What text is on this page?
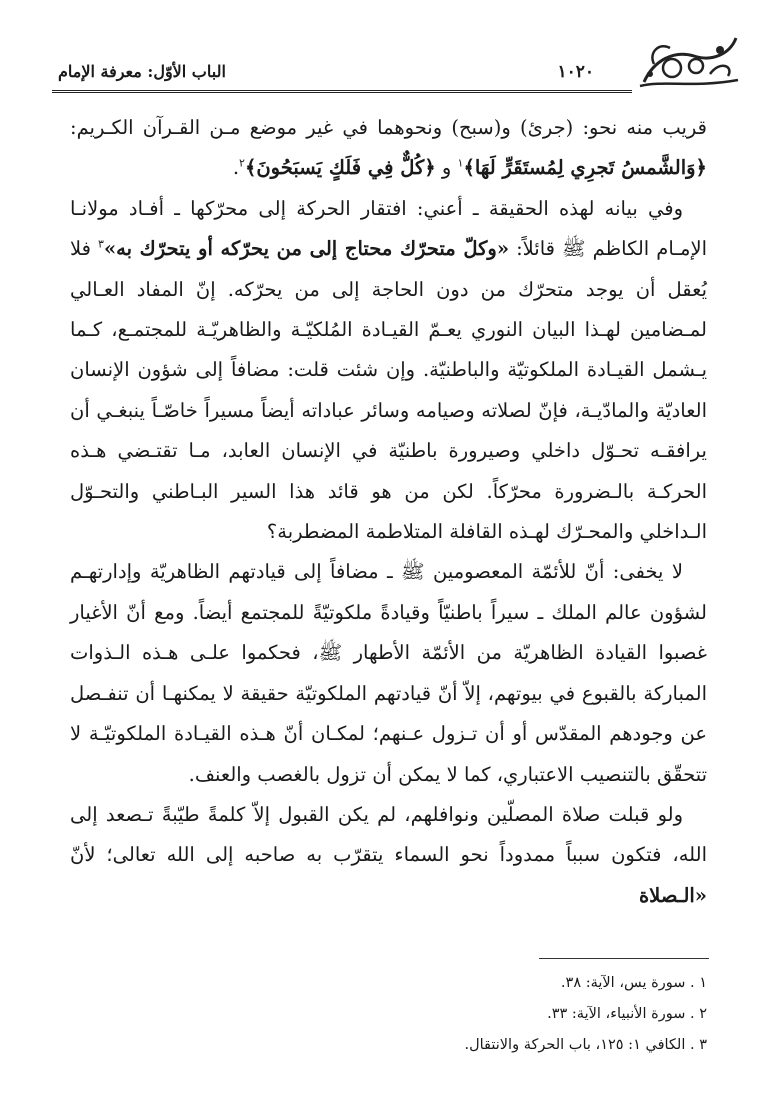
الباب الأوّل: معرفة الإمام	۱۰۲۰

قريب منه نحو: (جرئ) و(سبح) ونحوهما في غير موضع مـن القـرآن الكـريم: ﴿وَالشَّمسُ تَجرِي لِمُستَقَرٍّ لَهَا﴾$^١$ و ﴿كُلٌّ فِي فَلَكٍ يَسبَحُونَ﴾$^٢$.

وفي بيانه لهذه الحقيقة ـ أعني: افتقار الحركة إلى محرّكها ـ أفـاد مولانـا الإمـام الكاظم ﷺ قائلاً: «وكلّ متحرّك محتاج إلى من يحرّكه أو يتحرّك به»$^٣$ فلا يُعقل أن يوجد متحرّك من دون الحاجة إلى من يحرّكه. إنّ المفاد العـالي لمـضامين لهـذا البيان النوري يعـمّ القيـادة المُلكيّـة والظاهريّـة للمجتمـع، كـما يـشمل القيـادة الملكوتيّة والباطنيّة. وإن شئت قلت: مضافاً إلى شؤون الإنسان العاديّة والمادّيـة، فإنّ لصلاته وصيامه وسائر عباداته أيضاً مسيراً خاصّـاً ينبغـي أن يرافقـه تحـوّل داخلي وصيرورة باطنيّة في الإنسان العابد، مـا تقتـضي هـذه الحركـة بالـضرورة محرّكاً. لكن من هو قائد هذا السير البـاطني والتحـوّل الـداخلي والمحـرّك لهـذه القافلة المتلاطمة المضطربة؟

لا يخفى: أنّ للأئمّة المعصومين ﷺ ـ مضافاً إلى قيادتهم الظاهريّة وإدارتهـم لشؤون عالم الملك ـ سيراً باطنيّاً وقيادةً ملكوتيّةً للمجتمع أيضاً. ومع أنّ الأغيار غصبوا القيادة الظاهريّة من الأئمّة الأطهار ﷺ، فحكموا علـى هـذه الـذوات المباركة بالقبوع في بيوتهم، إلاّ أنّ قيادتهم الملكوتيّة حقيقة لا يمكنهـا أن تنفـصل عن وجودهم المقدّس أو أن تـزول عـنهم؛ لمكـان أنّ هـذه القيـادة الملكوتيّـة لا تتحقّق بالتنصيب الاعتباري، كما لا يمكن أن تزول بالغصب والعنف.

ولو قبلت صلاة المصلّين ونوافلهم، لم يكن القبول إلاّ كلمةً طيّبةً تـصعد إلى الله، فتكون سبباً ممدوداً نحو السماء يتقرّب به صاحبه إلى الله تعالى؛ لأنّ «الـصلاة

١ . سورة يس، الآية: ٣٨.
٢ . سورة الأنبياء، الآية: ٣٣.
٣ . الكافي ١: ١٢٥، باب الحركة والانتقال.
